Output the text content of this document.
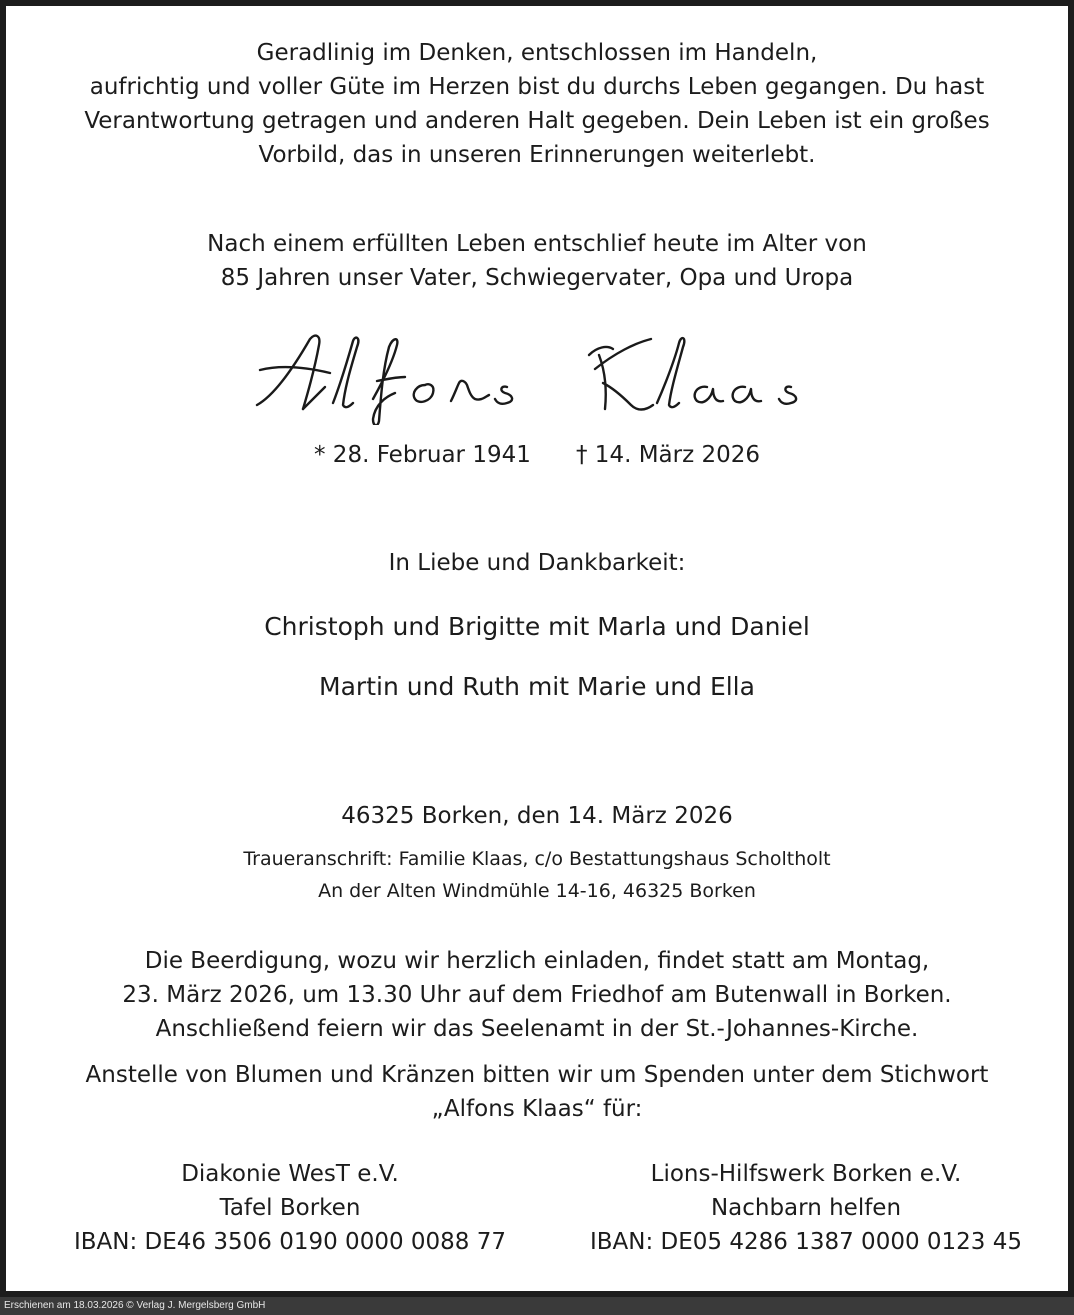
Geradlinig im Denken, entschlossen im Handeln,
aufrichtig und voller Güte im Herzen bist du durchs Leben gegangen. Du hast
Verantwortung getragen und anderen Halt gegeben. Dein Leben ist ein großes
Vorbild, das in unseren Erinnerungen weiterlebt.
Nach einem erfüllten Leben entschlief heute im Alter von
85 Jahren unser Vater, Schwiegervater, Opa und Uropa
* 28. Februar 1941 † 14. März 2026
In Liebe und Dankbarkeit:
Christoph und Brigitte mit Marla und Daniel
Martin und Ruth mit Marie und Ella
46325 Borken, den 14. März 2026
Traueranschrift: Familie Klaas, c/o Bestattungshaus Scholtholt
An der Alten Windmühle 14-16, 46325 Borken
Die Beerdigung, wozu wir herzlich einladen, findet statt am Montag,
23. März 2026, um 13.30 Uhr auf dem Friedhof am Butenwall in Borken.
Anschließend feiern wir das Seelenamt in der St.-Johannes-Kirche.
Anstelle von Blumen und Kränzen bitten wir um Spenden unter dem Stichwort
„Alfons Klaas“ für:
Diakonie WesT e.V.
Tafel Borken
IBAN: DE46 3506 0190 0000 0088 77
Lions-Hilfswerk Borken e.V.
Nachbarn helfen
IBAN: DE05 4286 1387 0000 0123 45
Erschienen am 18.03.2026 © Verlag J. Mergelsberg GmbH
